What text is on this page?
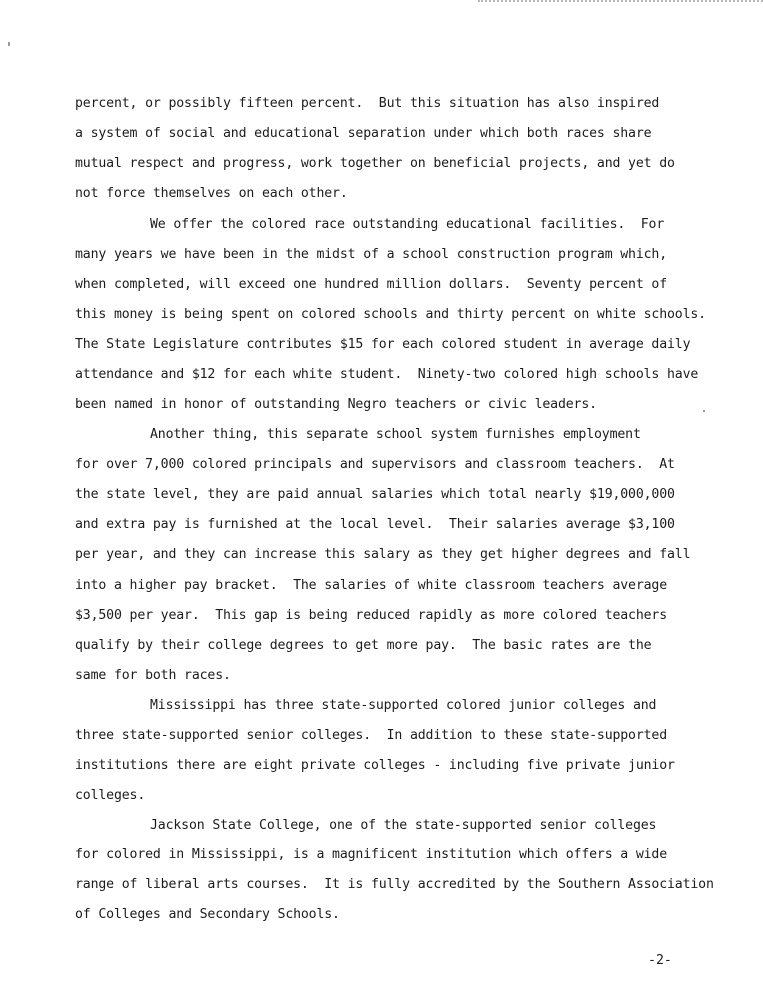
percent, or possibly fifteen percent.  But this situation has also inspired
a system of social and educational separation under which both races share
mutual respect and progress, work together on beneficial projects, and yet do
not force themselves on each other.
We offer the colored race outstanding educational facilities.  For
many years we have been in the midst of a school construction program which,
when completed, will exceed one hundred million dollars.  Seventy percent of
this money is being spent on colored schools and thirty percent on white schools.
The State Legislature contributes $15 for each colored student in average daily
attendance and $12 for each white student.  Ninety-two colored high schools have
been named in honor of outstanding Negro teachers or civic leaders.
Another thing, this separate school system furnishes employment
for over 7,000 colored principals and supervisors and classroom teachers.  At
the state level, they are paid annual salaries which total nearly $19,000,000
and extra pay is furnished at the local level.  Their salaries average $3,100
per year, and they can increase this salary as they get higher degrees and fall
into a higher pay bracket.  The salaries of white classroom teachers average
$3,500 per year.  This gap is being reduced rapidly as more colored teachers
qualify by their college degrees to get more pay.  The basic rates are the
same for both races.
Mississippi has three state-supported colored junior colleges and
three state-supported senior colleges.  In addition to these state-supported
institutions there are eight private colleges - including five private junior
colleges.
Jackson State College, one of the state-supported senior colleges
for colored in Mississippi, is a magnificent institution which offers a wide
range of liberal arts courses.  It is fully accredited by the Southern Association
of Colleges and Secondary Schools.
-2-
